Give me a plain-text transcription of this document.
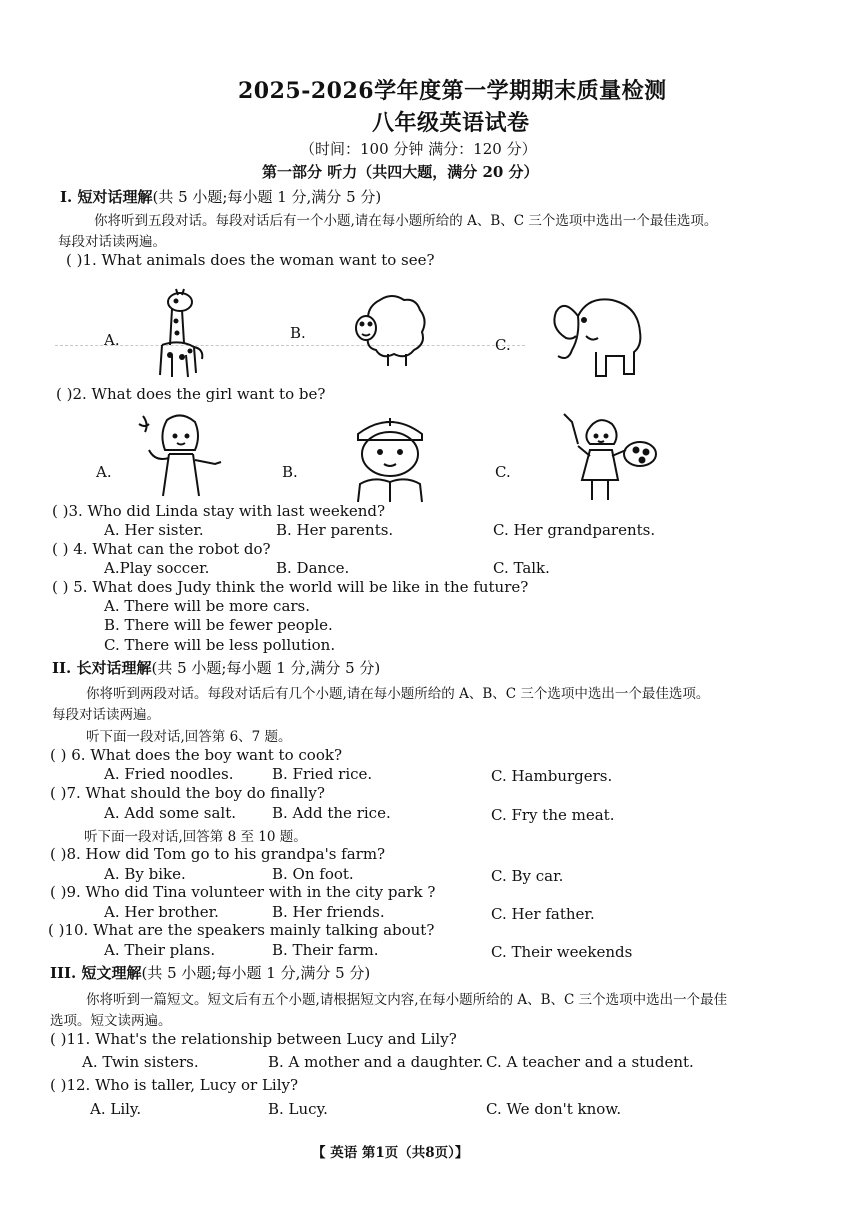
2025-2026学年度第一学期期末质量检测
八年级英语试卷
（时间：100 分钟 满分：120 分）
第一部分 听力（共四大题，满分 20 分）
I. 短对话理解(共 5 小题;每小题 1 分,满分 5 分)
你将听到五段对话。每段对话后有一个小题,请在每小题所给的 A、B、C 三个选项中选出一个最佳选项。
每段对话读两遍。
( )1. What animals does the woman want to see?
A.	B.
C.
( )2. What does the girl want to be?
A.	B.	C.
( )3. Who did Linda stay with last weekend?
A. Her sister.	B. Her parents.	C. Her grandparents.
( ) 4. What can the robot do?
A.Play soccer.	B. Dance.	C. Talk.
( ) 5. What does Judy think the world will be like in the future?
A. There will be more cars.
B. There will be fewer people.
C. There will be less pollution.
II. 长对话理解(共 5 小题;每小题 1 分,满分 5 分)
你将听到两段对话。每段对话后有几个小题,请在每小题所给的 A、B、C 三个选项中选出一个最佳选项。
每段对话读两遍。
听下面一段对话,回答第 6、7 题。
( ) 6. What does the boy want to cook?
A. Fried noodles.	B. Fried rice.	C. Hamburgers.
( )7. What should the boy do finally?
A. Add some salt. B. Add the rice.	C. Fry the meat.
听下面一段对话,回答第 8 至 10 题。
( )8. How did Tom go to his grandpa's farm?
A. By bike.	B. On foot.	C. By car.
( )9. Who did Tina volunteer with in the city park ?
A. Her brother.	B. Her friends.	C. Her father.
( )10. What are the speakers mainly talking about?
A. Their plans.	B. Their farm.	C. Their weekends
III. 短文理解(共 5 小题;每小题 1 分,满分 5 分)
你将听到一篇短文。短文后有五个小题,请根据短文内容,在每小题所给的 A、B、C 三个选项中选出一个最佳
选项。短文读两遍。
( )11. What's the relationship between Lucy and Lily?
A. Twin sisters.	B. A mother and a daughter. C. A teacher and a student.
( )12. Who is taller, Lucy or Lily?
A. Lily.	B. Lucy.	C. We don't know.
【 英语 第1页（共8页）】
